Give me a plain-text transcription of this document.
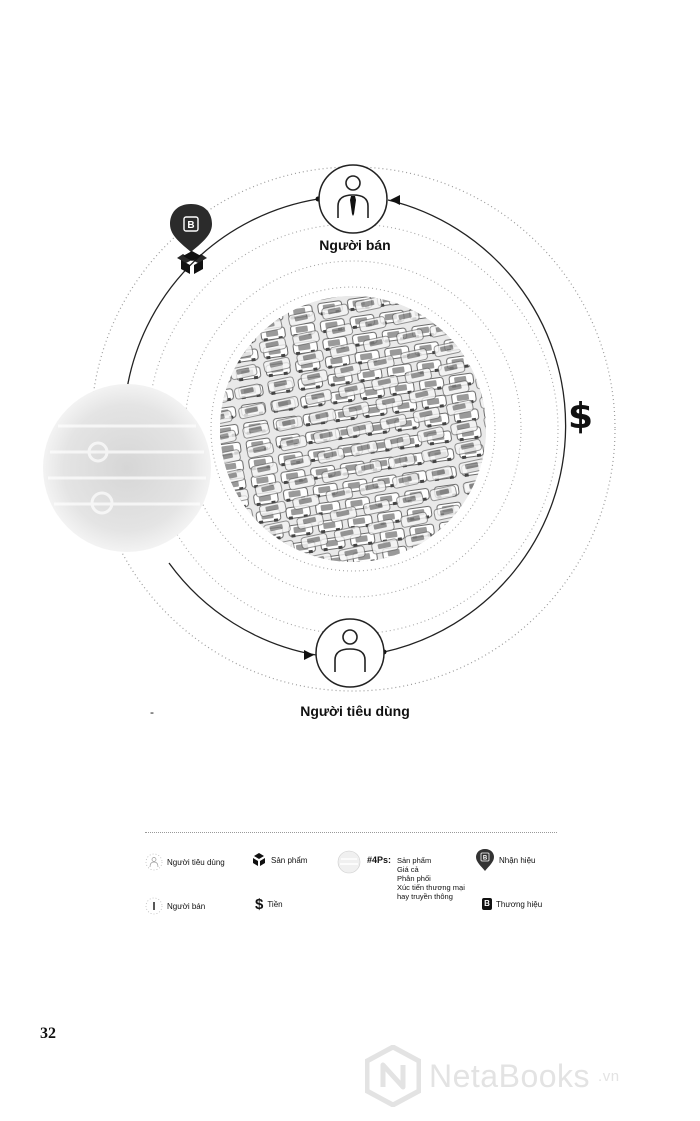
B
Người bán
Người tiêu dùng
$
-
Người tiêu dùng	Sản phẩm	#4Ps: Sản phẩm
Giá cả
Phân phối
Xúc tiến thương mại
hay truyền thông
B Nhận hiệu
Người bán	$ Tiền	B Thương hiệu
32
NetaBooks .vn
